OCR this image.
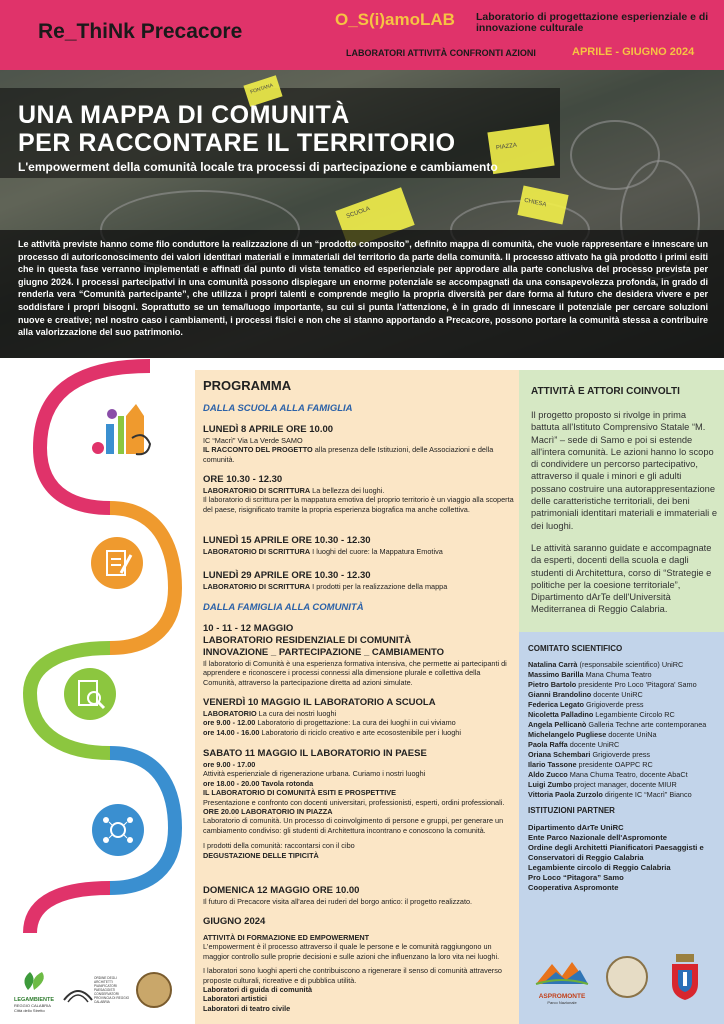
Re_ThiNk Precacore
O_S(i)amoLAB Laboratorio di progettazione esperienziale e di innovazione culturale
LABORATORI ATTIVITÀ CONFRONTI AZIONI	APRILE - GIUGNO 2024
SCUOLA
PIAZZA
CHIESA
FONTANA
UNA MAPPA DI COMUNITÀ
PER RACCONTARE IL TERRITORIO
L'empowerment della comunità locale tra processi di partecipazione e cambiamento
Le attività previste hanno come filo conduttore la realizzazione di un “prodotto composito”, definito mappa di comunità, che vuole rappresentare e innescare un processo di autoriconoscimento dei valori identitari materiali e immateriali del territorio da parte della comunità. Il processo attivato ha già prodotto i primi esiti che in questa fase verranno implementati e affinati dal punto di vista tematico ed esperienziale per approdare alla parte conclusiva del processo prevista per giugno 2024. I processi partecipativi in una comunità possono dispiegare un enorme potenziale se accompagnati da una consapevolezza profonda, in grado di renderla vera “Comunità partecipante”, che utilizza i propri talenti e comprende meglio la propria diversità per dare forma al futuro che desidera vivere e per soddisfare i propri bisogni. Soprattutto se un tema/luogo importante, su cui si punta l'attenzione, è in grado di innescare il potenziale per cercare soluzioni nuove e creative; nel nostro caso i cambiamenti, i processi fisici e non che si stanno apportando a Precacore, possono portare la comunità stessa a contribuire alla valorizzazione del suo patrimonio.
PROGRAMMA
DALLA SCUOLA ALLA FAMIGLIA
LUNEDÌ 8 APRILE ORE 10.00
IC “Macrì” Via La Verde SAMO
IL RACCONTO DEL PROGETTO alla presenza delle Istituzioni, delle Associazioni e della comunità.
ORE 10.30 - 12.30
LABORATORIO DI SCRITTURA La bellezza dei luoghi.
Il laboratorio di scrittura per la mappatura emotiva del proprio territorio è un viaggio alla scoperta del paese, risignificato tramite la propria esperienza biografica ma anche collettiva.
LUNEDÌ 15 APRILE ORE 10.30 - 12.30
LABORATORIO DI SCRITTURA I luoghi del cuore: la Mappatura Emotiva
LUNEDÌ 29 APRILE ORE 10.30 - 12.30
LABORATORIO DI SCRITTURA I prodotti per la realizzazione della mappa
DALLA FAMIGLIA ALLA COMUNITÀ
10 - 11 - 12 MAGGIO
LABORATORIO RESIDENZIALE DI COMUNITÀ
INNOVAZIONE _ PARTECIPAZIONE _ CAMBIAMENTO
Il laboratorio di Comunità è una esperienza formativa intensiva, che permette ai partecipanti di apprendere e riconoscere i processi connessi alla dimensione plurale e collettiva della Comunità, attraverso la partecipazione diretta ad azioni simulate.
VENERDÌ 10 MAGGIO IL LABORATORIO A SCUOLA
LABORATORIO La cura dei nostri luoghi
ore 9.00 - 12.00 Laboratorio di progettazione: La cura dei luoghi in cui viviamo
ore 14.00 - 16.00 Laboratorio di riciclo creativo e arte ecosostenibile per i luoghi
SABATO 11 MAGGIO IL LABORATORIO IN PAESE
ore 9.00 - 17.00
Attività esperienziale di rigenerazione urbana. Curiamo i nostri luoghi
ore 18.00 - 20.00 Tavola rotonda
IL LABORATORIO DI COMUNITÀ ESITI E PROSPETTIVE
Presentazione e confronto con docenti universitari, professionisti, esperti, ordini professionali.
ORE 20.00 LABORATORIO IN PIAZZA
Laboratorio di comunità. Un processo di coinvolgimento di persone e gruppi, per generare un cambiamento condiviso: gli studenti di Architettura incontrano e conoscono la comunità.
I prodotti della comunità: raccontarsi con il cibo
DEGUSTAZIONE DELLE TIPICITÀ
DOMENICA 12 MAGGIO ORE 10.00
Il futuro di Precacore visita all'area dei ruderi del borgo antico: il progetto realizzato.
GIUGNO 2024
ATTIVITÀ DI FORMAZIONE ED EMPOWERMENT
L'empowerment è il processo attraverso il quale le persone e le comunità raggiungono un maggior controllo sulle proprie decisioni e sulle azioni che influenzano la loro vita nei luoghi.
I laboratori sono luoghi aperti che contribuiscono a rigenerare il senso di comunità attraverso proposte culturali, ricreative e di pubblica utilità.
Laboratori di guida di comunità
Laboratori artistici
Laboratori di teatro civile
ATTIVITÀ E ATTORI COINVOLTI
Il progetto proposto si rivolge in prima battuta all'Istituto Comprensivo Statale “M. Macrì” – sede di Samo e poi si estende all'intera comunità. Le azioni hanno lo scopo di condividere un percorso partecipativo, attraverso il quale i minori e gli adulti possano costruire una autorappresentazione delle caratteristiche territoriali, dei beni patrimoniali identitari materiali e immateriali e dei luoghi.
Le attività saranno guidate e accompagnate da esperti, docenti della scuola e dagli studenti di Architettura, corso di “Strategie e politiche per la coesione territoriale”, Dipartimento dArTe dell'Università Mediterranea di Reggio Calabria.
COMITATO SCIENTIFICO
Natalina Carrà (responsabile scientifico) UniRC
Massimo Barilla Mana Chuma Teatro
Pietro Bartolo presidente Pro Loco 'Pitagora' Samo
Gianni Brandolino docente UniRC
Federica Legato Grigioverde press
Nicoletta Palladino Legambiente Circolo RC
Angela Pellicanò Galleria Techne arte contemporanea
Michelangelo Pugliese docente UniNa
Paola Raffa docente UniRC
Oriana Schembari Grigioverde press
Ilario Tassone presidente OAPPC RC
Aldo Zucco Mana Chuma Teatro, docente AbaCt
Luigi Zumbo project manager, docente MIUR
Vittoria Paola Zurzolo dirigente IC “Macrì” Bianco
ISTITUZIONI PARTNER
Dipartimento dArTe UniRC
Ente Parco Nazionale dell'Aspromonte
Ordine degli Architetti Pianificatori Paesaggisti e Conservatori di Reggio Calabria
Legambiente circolo di Reggio Calabria
Pro Loco “Pitagora” Samo
Cooperativa Aspromonte
LEGAMBIENTE
REGGIO CALABRIA
Città dello Stretto
ORDINE DEGLI ARCHITETTI PIANIFICATORI PAESAGGISTI CONSERVATORI PROVINCIA DI REGGIO CALABRIA
ASPROMONTE
Parco Nazionale
